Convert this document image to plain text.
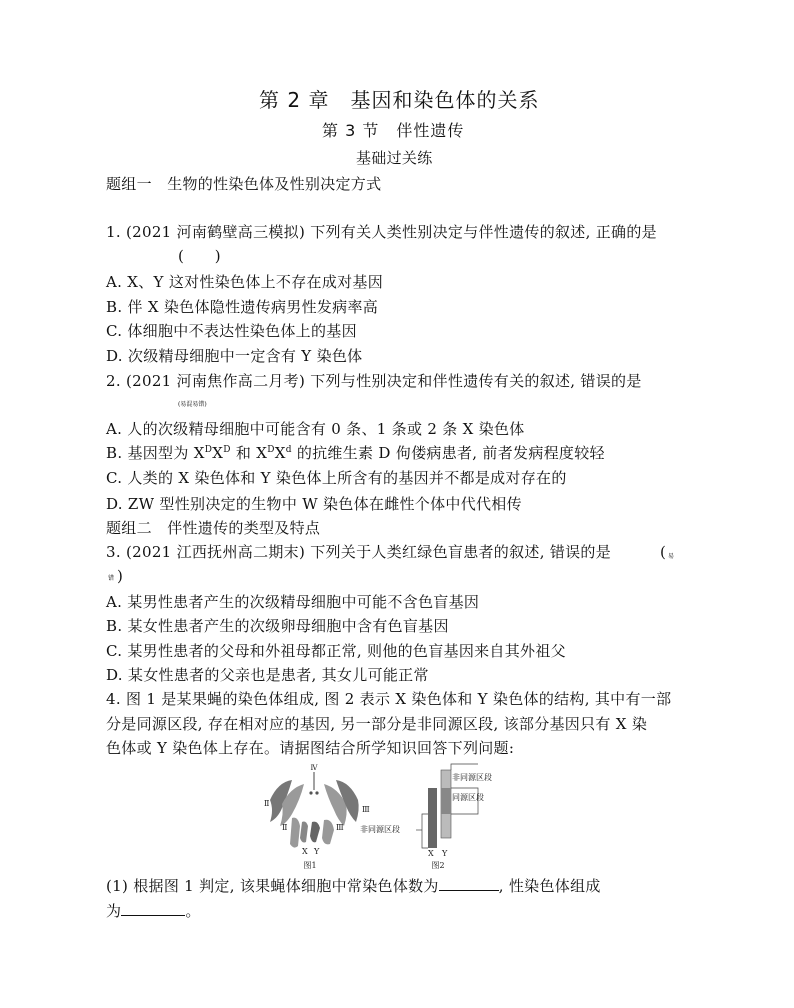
第 2 章　基因和染色体的关系
第 3 节　伴性遗传
基础过关练
题组一　生物的性染色体及性别决定方式
1. (2021 河南鹤壁高三模拟) 下列有关人类性别决定与伴性遗传的叙述, 正确的是
(　　)
A. X、Y 这对性染色体上不存在成对基因
B. 伴 X 染色体隐性遗传病男性发病率高
C. 体细胞中不表达性染色体上的基因
D. 次级精母细胞中一定含有 Y 染色体
2. (2021 河南焦作高二月考) 下列与性别决定和伴性遗传有关的叙述, 错误的是
(易混易错)
A. 人的次级精母细胞中可能含有 0 条、1 条或 2 条 X 染色体
B. 基因型为 $X^DX^D$ 和 $X^DX^d$ 的抗维生素 D 佝偻病患者, 前者发病程度较轻
C. 人类的 X 染色体和 Y 染色体上所含有的基因并不都是成对存在的
D. ZW 型性别决定的生物中 W 染色体在雌性个体中代代相传
题组二　伴性遗传的类型及特点
3. (2021 江西抚州高二期末) 下列关于人类红绿色盲患者的叙述, 错误的是	( 易
错 )
A. 某男性患者产生的次级精母细胞中可能不含色盲基因
B. 某女性患者产生的次级卵母细胞中含有色盲基因
C. 某男性患者的父母和外祖母都正常, 则他的色盲基因来自其外祖父
D. 某女性患者的父亲也是患者, 其女儿可能正常
4. 图 1 是某果蝇的染色体组成, 图 2 表示 X 染色体和 Y 染色体的结构, 其中有一部
分是同源区段, 存在相对应的基因, 另一部分是非同源区段, 该部分基因只有 X 染
色体或 Y 染色体上存在。请据图结合所学知识回答下列问题:
Ⅳ
Ⅱ
Ⅲ
Ⅱ	Ⅲ
X Y
图1
非同源区段
同源区段
非同源区段
X Y
图2
(1) 根据图 1 判定, 该果蝇体细胞中常染色体数为	, 性染色体组成
为	。
